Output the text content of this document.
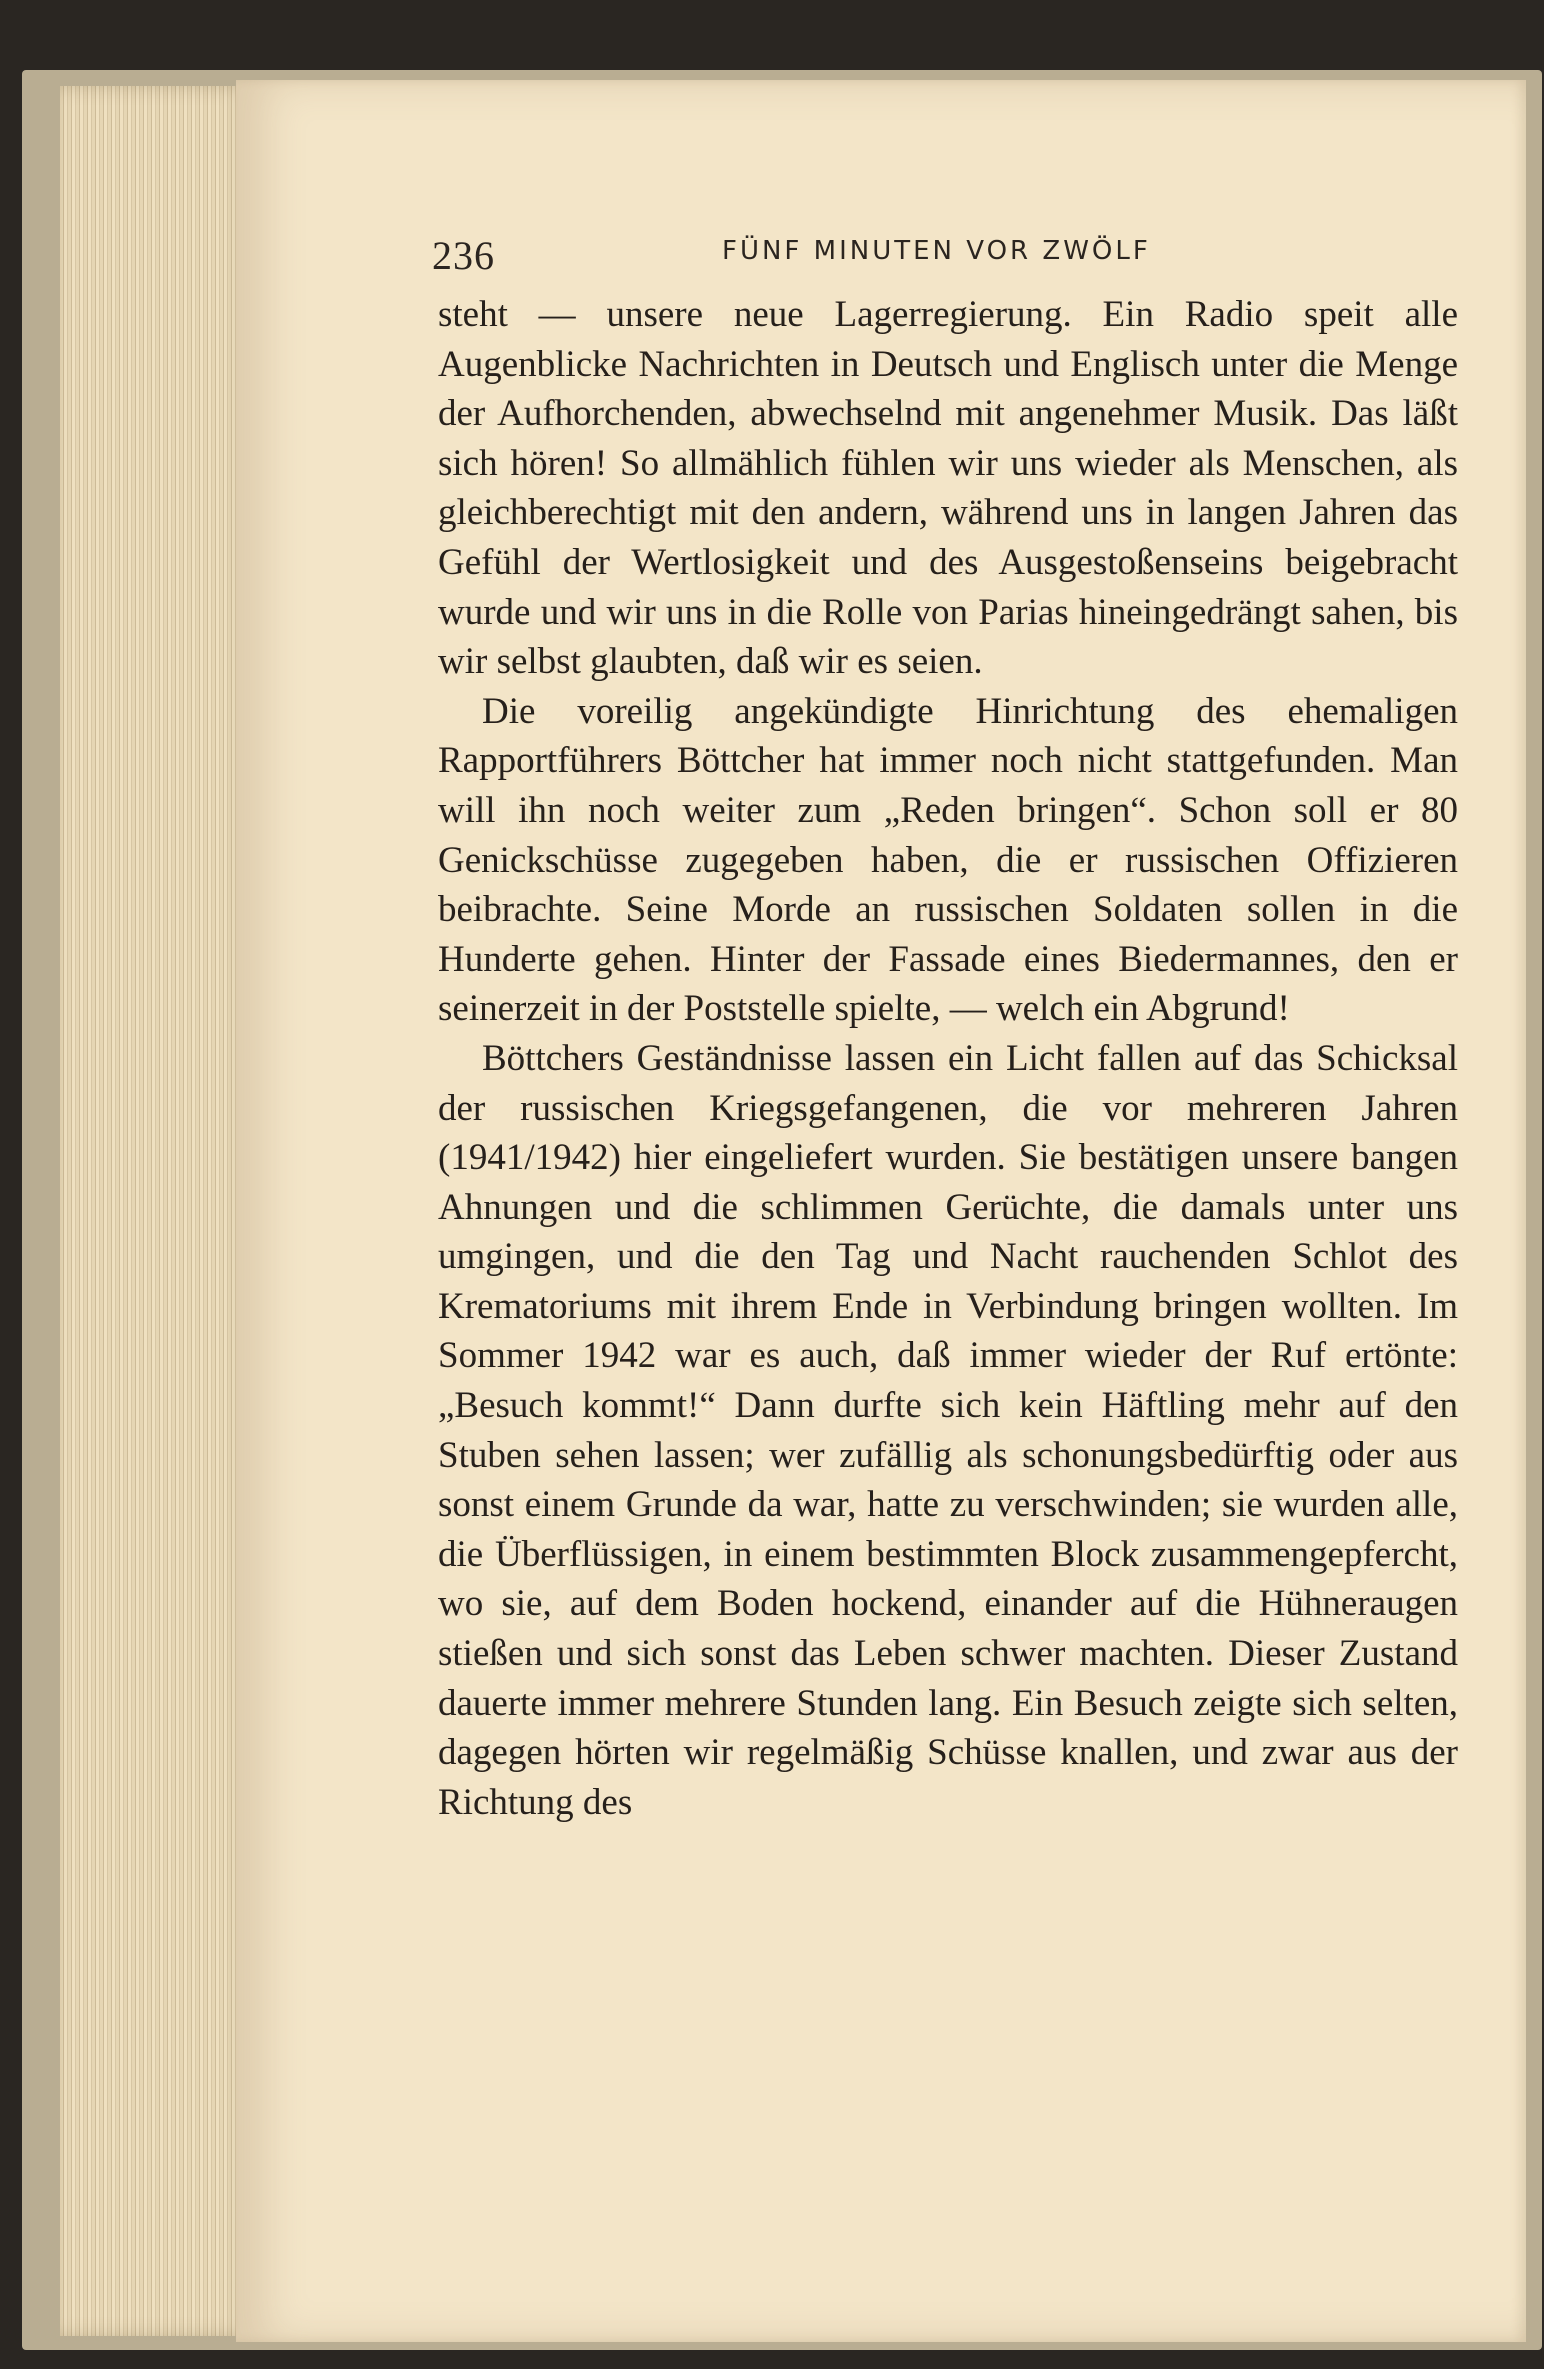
236	FÜNF MINUTEN VOR ZWÖLF

steht — unsere neue Lagerregierung. Ein Radio speit alle Augenblicke Nachrichten in Deutsch und Englisch unter die Menge der Aufhorchenden, abwechselnd mit angenehmer Musik. Das läßt sich hören! So allmählich fühlen wir uns wieder als Menschen, als gleichberechtigt mit den andern, während uns in langen Jahren das Gefühl der Wertlosigkeit und des Ausgestoßenseins beigebracht wurde und wir uns in die Rolle von Parias hineingedrängt sahen, bis wir selbst glaubten, daß wir es seien.

Die voreilig angekündigte Hinrichtung des ehemaligen Rapportführers Böttcher hat immer noch nicht stattgefunden. Man will ihn noch weiter zum „Reden bringen“. Schon soll er 80 Genickschüsse zugegeben haben, die er russischen Offizieren beibrachte. Seine Morde an russischen Soldaten sollen in die Hunderte gehen. Hinter der Fassade eines Biedermannes, den er seinerzeit in der Poststelle spielte, — welch ein Abgrund!

Böttchers Geständnisse lassen ein Licht fallen auf das Schicksal der russischen Kriegsgefangenen, die vor mehreren Jahren (1941/1942) hier eingeliefert wurden. Sie bestätigen unsere bangen Ahnungen und die schlimmen Gerüchte, die damals unter uns umgingen, und die den Tag und Nacht rauchenden Schlot des Krematoriums mit ihrem Ende in Verbindung bringen wollten. Im Sommer 1942 war es auch, daß immer wieder der Ruf ertönte: „Besuch kommt!“ Dann durfte sich kein Häftling mehr auf den Stuben sehen lassen; wer zufällig als schonungsbedürftig oder aus sonst einem Grunde da war, hatte zu verschwinden; sie wurden alle, die Überflüssigen, in einem bestimmten Block zusammengepfercht, wo sie, auf dem Boden hockend, einander auf die Hühneraugen stießen und sich sonst das Leben schwer machten. Dieser Zustand dauerte immer mehrere Stunden lang. Ein Besuch zeigte sich selten, dagegen hörten wir regelmäßig Schüsse knallen, und zwar aus der Richtung des
